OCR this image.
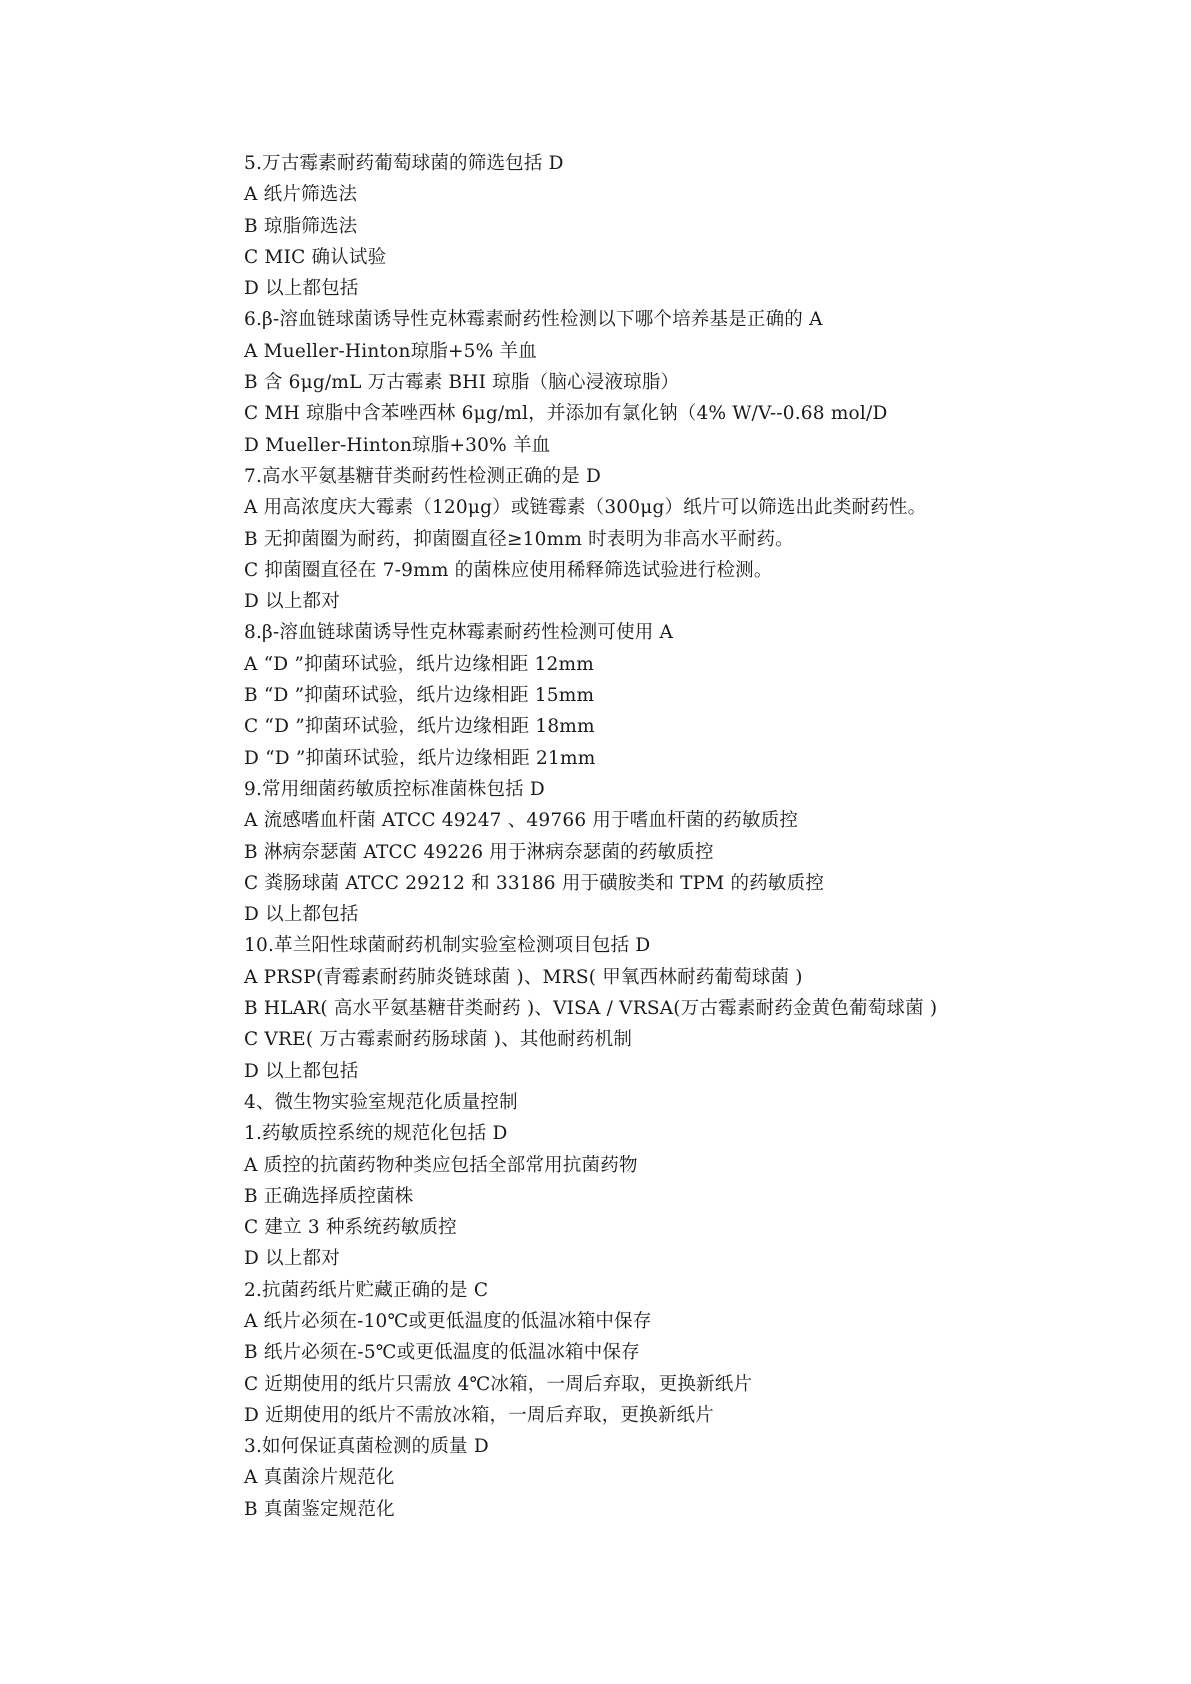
5.万古霉素耐药葡萄球菌的筛选包括 D
A 纸片筛选法
B 琼脂筛选法
C MIC 确认试验
D 以上都包括
6.β-溶血链球菌诱导性克林霉素耐药性检测以下哪个培养基是正确的 A
A Mueller-Hinton琼脂+5% 羊血
B 含 6μg/mL 万古霉素 BHI 琼脂（脑心浸液琼脂）
C MH 琼脂中含苯唑西林 6μg/ml，并添加有氯化钠（4% W/V--0.68 mol/D
D Mueller-Hinton琼脂+30% 羊血
7.高水平氨基糖苷类耐药性检测正确的是 D
A 用高浓度庆大霉素（120μg）或链霉素（300μg）纸片可以筛选出此类耐药性。
B 无抑菌圈为耐药，抑菌圈直径≥10mm 时表明为非高水平耐药。
C 抑菌圈直径在 7-9mm 的菌株应使用稀释筛选试验进行检测。
D 以上都对
8.β-溶血链球菌诱导性克林霉素耐药性检测可使用 A
A “D ”抑菌环试验，纸片边缘相距 12mm
B “D ”抑菌环试验，纸片边缘相距 15mm
C “D ”抑菌环试验，纸片边缘相距 18mm
D “D ”抑菌环试验，纸片边缘相距 21mm
9.常用细菌药敏质控标准菌株包括 D
A 流感嗜血杆菌 ATCC 49247 、49766 用于嗜血杆菌的药敏质控
B 淋病奈瑟菌 ATCC 49226 用于淋病奈瑟菌的药敏质控
C 粪肠球菌 ATCC 29212 和 33186 用于磺胺类和 TPM 的药敏质控
D 以上都包括
10.革兰阳性球菌耐药机制实验室检测项目包括 D
A PRSP(青霉素耐药肺炎链球菌 )、MRS( 甲氧西林耐药葡萄球菌 )
B HLAR( 高水平氨基糖苷类耐药 )、VISA / VRSA(万古霉素耐药金黄色葡萄球菌 )
C VRE( 万古霉素耐药肠球菌 )、其他耐药机制
D 以上都包括
4、微生物实验室规范化质量控制
1.药敏质控系统的规范化包括 D
A 质控的抗菌药物种类应包括全部常用抗菌药物
B 正确选择质控菌株
C 建立 3 种系统药敏质控
D 以上都对
2.抗菌药纸片贮藏正确的是 C
A 纸片必须在-10℃或更低温度的低温冰箱中保存
B 纸片必须在-5℃或更低温度的低温冰箱中保存
C 近期使用的纸片只需放 4℃冰箱，一周后弃取，更换新纸片
D 近期使用的纸片不需放冰箱，一周后弃取，更换新纸片
3.如何保证真菌检测的质量 D
A 真菌涂片规范化
B 真菌鉴定规范化
